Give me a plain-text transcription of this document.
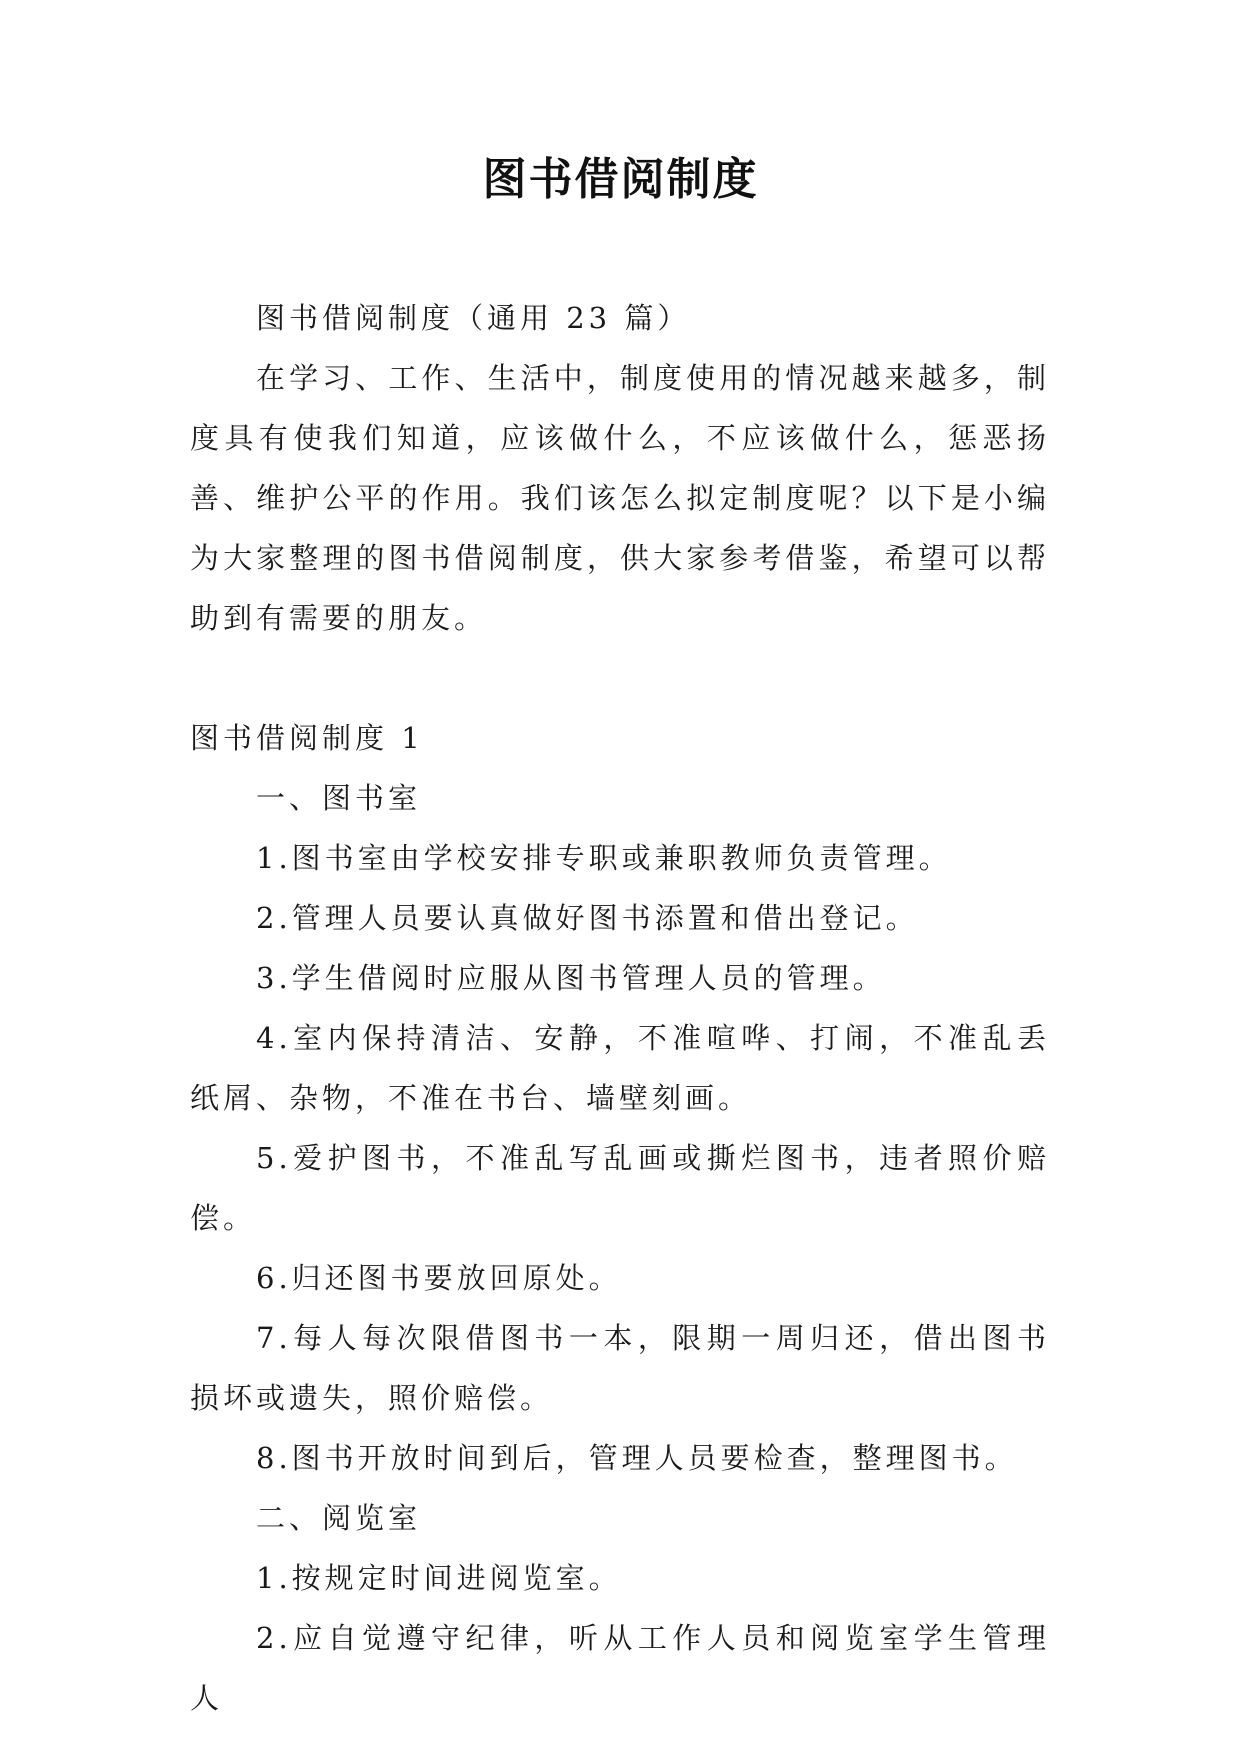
图书借阅制度

图书借阅制度（通用 23 篇）

在学习、工作、生活中，制度使用的情况越来越多，制度具有使我们知道，应该做什么，不应该做什么，惩恶扬善、维护公平的作用。我们该怎么拟定制度呢？以下是小编为大家整理的图书借阅制度，供大家参考借鉴，希望可以帮助到有需要的朋友。

图书借阅制度 1

一、图书室

1.图书室由学校安排专职或兼职教师负责管理。

2.管理人员要认真做好图书添置和借出登记。

3.学生借阅时应服从图书管理人员的管理。

4.室内保持清洁、安静，不准喧哗、打闹，不准乱丢纸屑、杂物，不准在书台、墙壁刻画。

5.爱护图书，不准乱写乱画或撕烂图书，违者照价赔偿。

6.归还图书要放回原处。

7.每人每次限借图书一本，限期一周归还，借出图书损坏或遗失，照价赔偿。

8.图书开放时间到后，管理人员要检查，整理图书。

二、阅览室

1.按规定时间进阅览室。

2.应自觉遵守纪律，听从工作人员和阅览室学生管理人
